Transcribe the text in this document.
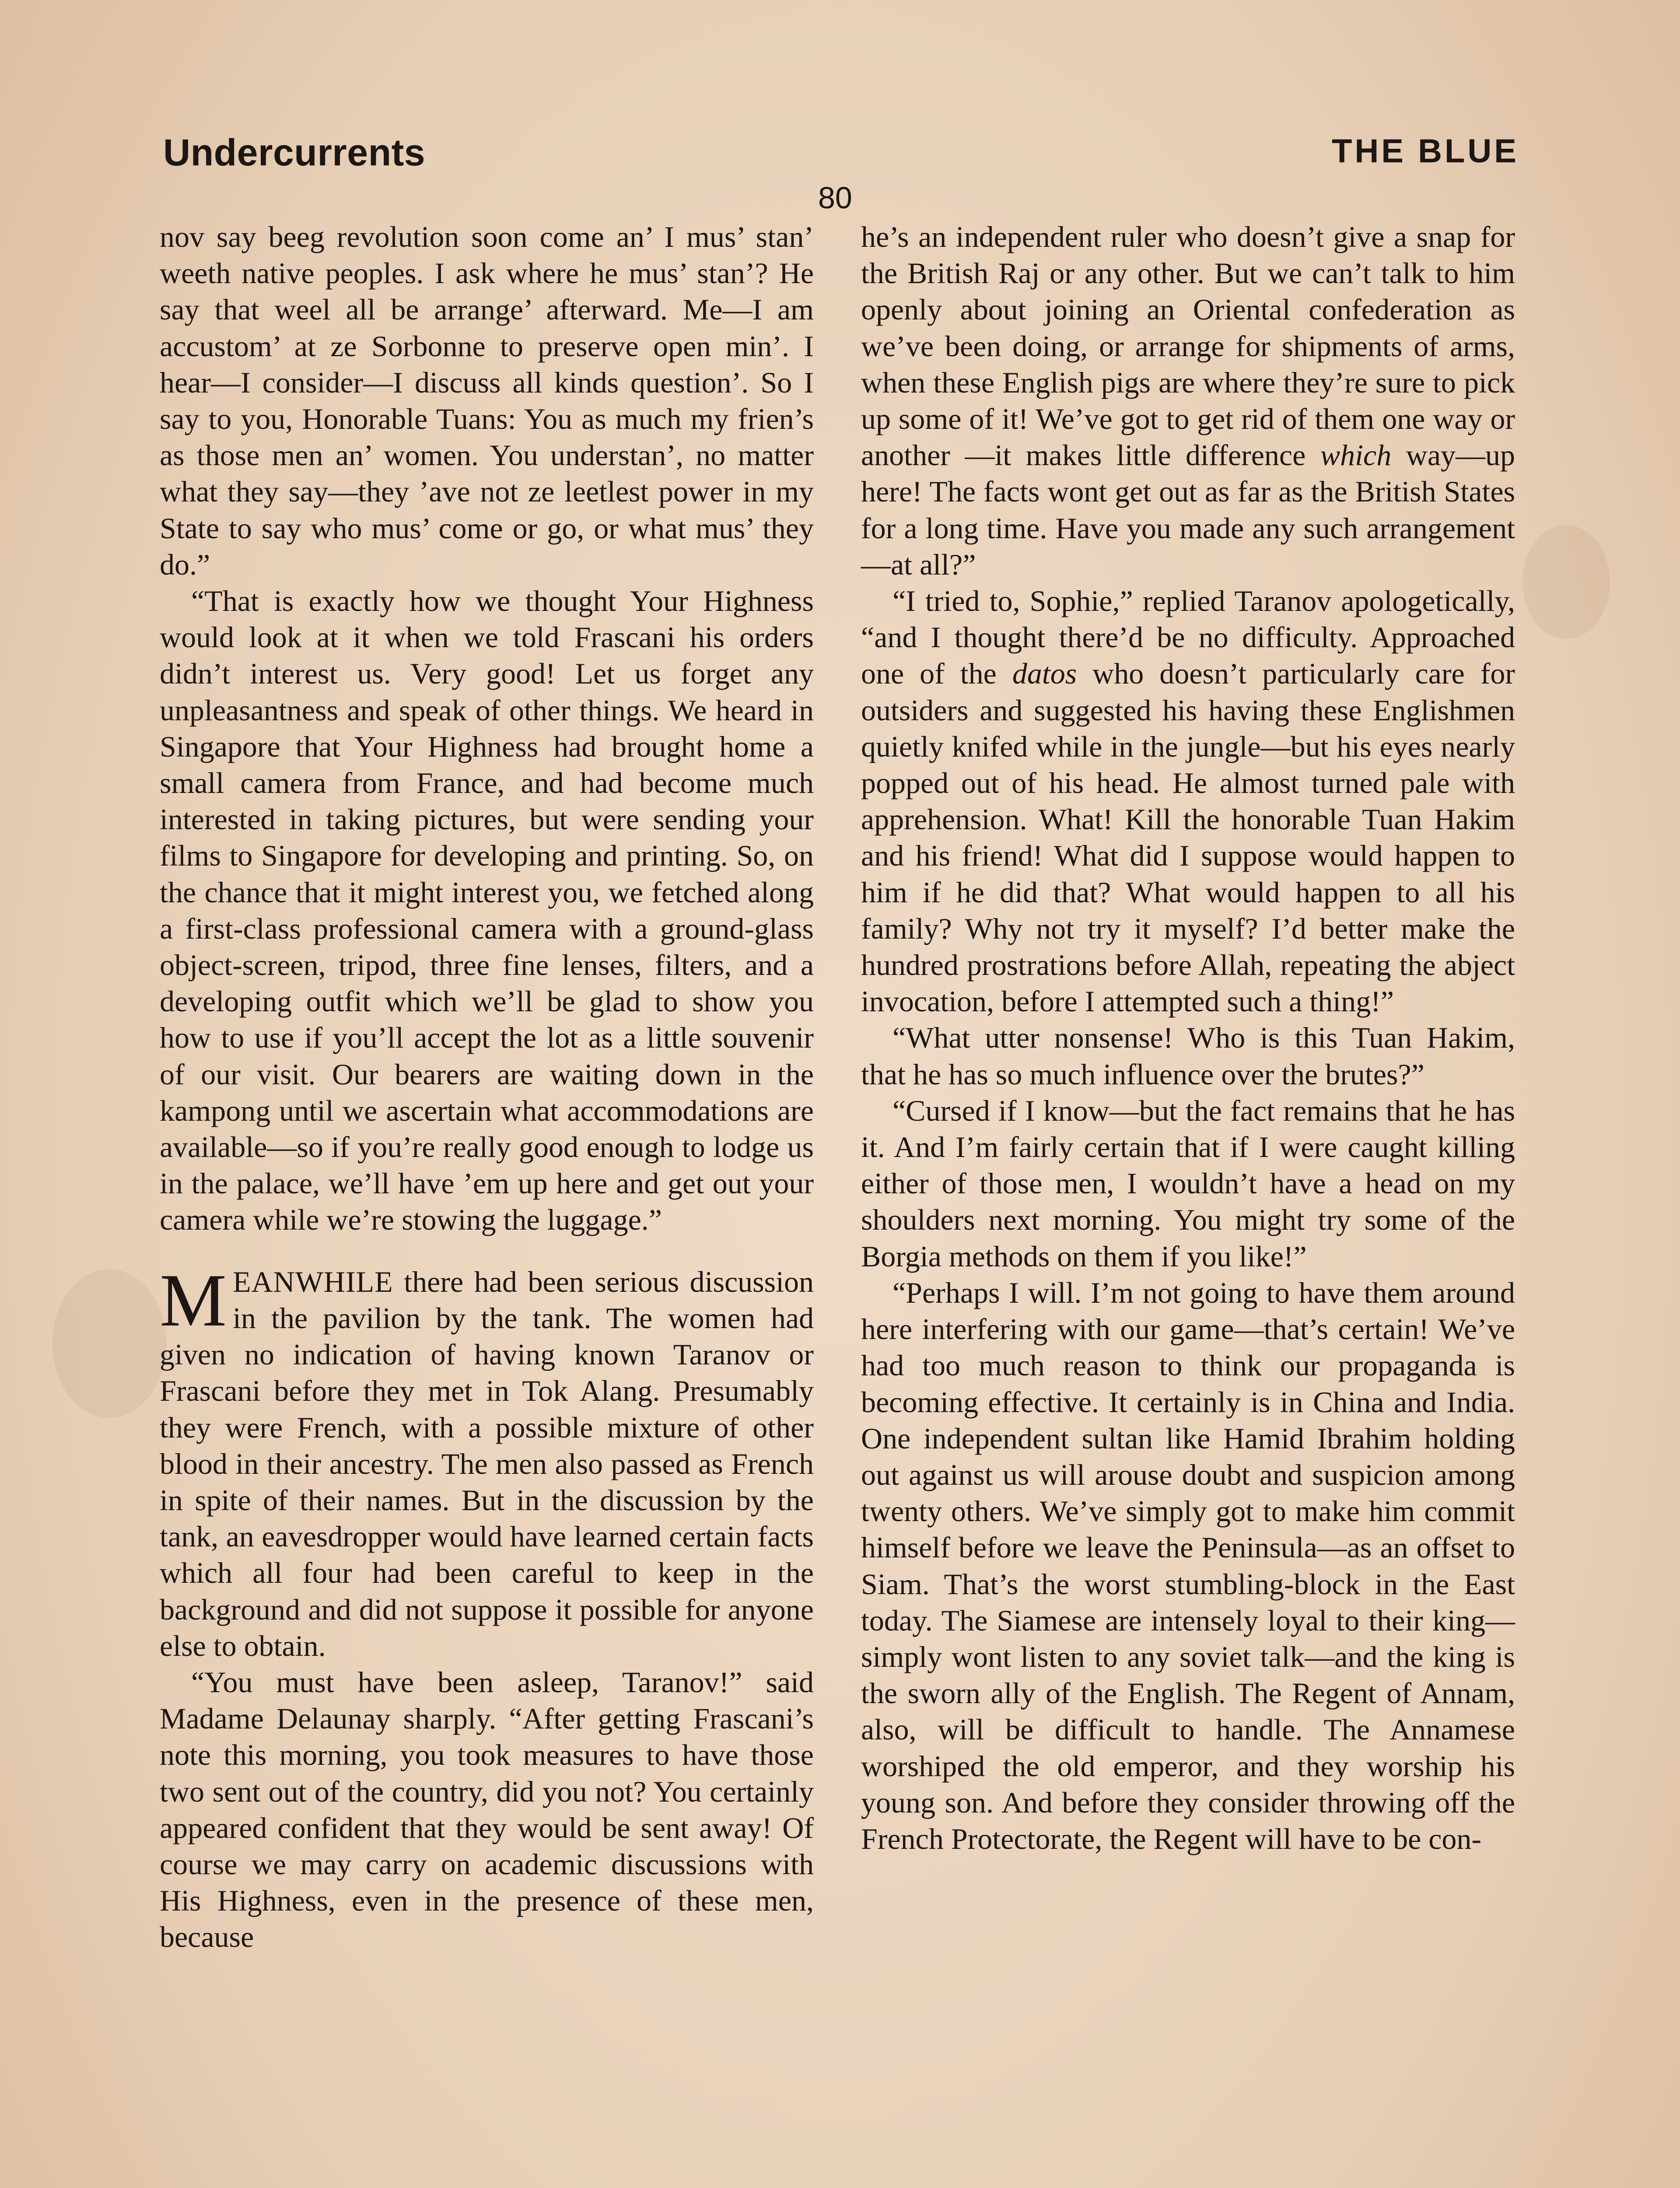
Undercurrents	THE BLUE
80

nov say beeg revolution soon come an’ I mus’ stan’ weeth native peoples. I ask where he mus’ stan’? He say that weel all be arrange’ afterward. Me—I am accustom’ at ze Sorbonne to preserve open min’. I hear—I consider—I discuss all kinds question’. So I say to you, Honorable Tuans: You as much my frien’s as those men an’ women. You understan’, no matter what they say—they ’ave not ze leetlest power in my State to say who mus’ come or go, or what mus’ they do.”

“That is exactly how we thought Your Highness would look at it when we told Frascani his orders didn’t interest us. Very good! Let us forget any unpleasantness and speak of other things. We heard in Singapore that Your Highness had brought home a small camera from France, and had become much interested in taking pictures, but were sending your films to Singapore for developing and printing. So, on the chance that it might interest you, we fetched along a first-class professional camera with a ground-glass object-screen, tripod, three fine lenses, filters, and a developing outfit which we’ll be glad to show you how to use if you’ll accept the lot as a little souvenir of our visit. Our bearers are waiting down in the kampong until we ascertain what accommodations are available—so if you’re really good enough to lodge us in the palace, we’ll have ’em up here and get out your camera while we’re stowing the luggage.”

MEANWHILE there had been serious discussion in the pavilion by the tank. The women had given no indication of having known Taranov or Frascani before they met in Tok Alang. Presumably they were French, with a possible mixture of other blood in their ancestry. The men also passed as French in spite of their names. But in the discussion by the tank, an eavesdropper would have learned certain facts which all four had been careful to keep in the background and did not suppose it possible for anyone else to obtain.

“You must have been asleep, Taranov!” said Madame Delaunay sharply. “After getting Frascani’s note this morning, you took measures to have those two sent out of the country, did you not? You certainly appeared confident that they would be sent away! Of course we may carry on academic discussions with His Highness, even in the presence of these men, because

he’s an independent ruler who doesn’t give a snap for the British Raj or any other. But we can’t talk to him openly about joining an Oriental confederation as we’ve been doing, or arrange for shipments of arms, when these English pigs are where they’re sure to pick up some of it! We’ve got to get rid of them one way or another —it makes little difference which way—up here! The facts wont get out as far as the British States for a long time. Have you made any such arrangement—at all?”

“I tried to, Sophie,” replied Taranov apologetically, “and I thought there’d be no difficulty. Approached one of the datos who doesn’t particularly care for outsiders and suggested his having these Englishmen quietly knifed while in the jungle—but his eyes nearly popped out of his head. He almost turned pale with apprehension. What! Kill the honorable Tuan Hakim and his friend! What did I suppose would happen to him if he did that? What would happen to all his family? Why not try it myself? I’d better make the hundred prostrations before Allah, repeating the abject invocation, before I attempted such a thing!”

“What utter nonsense! Who is this Tuan Hakim, that he has so much influence over the brutes?”

“Cursed if I know—but the fact remains that he has it. And I’m fairly certain that if I were caught killing either of those men, I wouldn’t have a head on my shoulders next morning. You might try some of the Borgia methods on them if you like!”

“Perhaps I will. I’m not going to have them around here interfering with our game—that’s certain! We’ve had too much reason to think our propaganda is becoming effective. It certainly is in China and India. One independent sultan like Hamid Ibrahim holding out against us will arouse doubt and suspicion among twenty others. We’ve simply got to make him commit himself before we leave the Peninsula—as an offset to Siam. That’s the worst stumbling-block in the East today. The Siamese are intensely loyal to their king—simply wont listen to any soviet talk—and the king is the sworn ally of the English. The Regent of Annam, also, will be difficult to handle. The Annamese worshiped the old emperor, and they worship his young son. And before they consider throwing off the French Protectorate, the Regent will have to be con-
